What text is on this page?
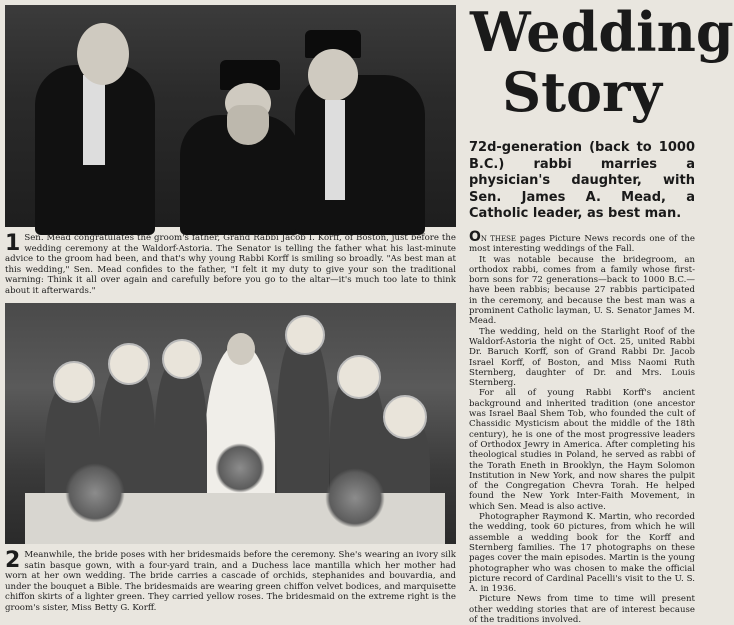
1 Sen. Mead congratulates the groom's father, Grand Rabbi Jacob I. Korff, of Boston, just before the wedding ceremony at the Waldorf-Astoria. The Senator is telling the father what his last-minute advice to the groom had been, and that's why young Rabbi Korff is smiling so broadly. "As best man at this wedding," Sen. Mead confides to the father, "I felt it my duty to give your son the traditional warning: Think it all over again and carefully before you go to the altar—it's much too late to think about it afterwards."
2 Meanwhile, the bride poses with her bridesmaids before the ceremony. She's wearing an ivory silk satin basque gown, with a four-yard train, and a Duchess lace mantilla which her mother had worn at her own wedding. The bride carries a cascade of orchids, stephanides and bouvardia, and under the bouquet a Bible. The bridesmaids are wearing green chiffon velvet bodices, and marquisette chiffon skirts of a lighter green. They carried yellow roses. The bridesmaid on the extreme right is the groom's sister, Miss Betty G. Korff.
Wedding
Story
72d-generation (back to 1000 B.C.) rabbi marries a physician's daughter, with Sen. James A. Mead, a Catholic leader, as best man.

ON THESE pages Picture News records one of the most interesting weddings of the Fall.

It was notable because the bridegroom, an orthodox rabbi, comes from a family whose first-born sons for 72 generations—back to 1000 B.C.—have been rabbis; because 27 rabbis participated in the ceremony, and because the best man was a prominent Catholic layman, U. S. Senator James M. Mead.

The wedding, held on the Starlight Roof of the Waldorf-Astoria the night of Oct. 25, united Rabbi Dr. Baruch Korff, son of Grand Rabbi Dr. Jacob Israel Korff, of Boston, and Miss Naomi Ruth Sternberg, daughter of Dr. and Mrs. Louis Sternberg.

For all of young Rabbi Korff's ancient background and inherited tradition (one ancestor was Israel Baal Shem Tob, who founded the cult of Chassidic Mysticism about the middle of the 18th century), he is one of the most progressive leaders of Orthodox Jewry in America. After completing his theological studies in Poland, he served as rabbi of the Torath Eneth in Brooklyn, the Haym Solomon Institution in New York, and now shares the pulpit of the Congregation Chevra Torah. He helped found the New York Inter-Faith Movement, in which Sen. Mead is also active.

Photographer Raymond K. Martin, who recorded the wedding, took 60 pictures, from which he will assemble a wedding book for the Korff and Sternberg families. The 17 photographs on these pages cover the main episodes. Martin is the young photographer who was chosen to make the official picture record of Cardinal Pacelli's visit to the U. S. A. in 1936.

Picture News from time to time will present other wedding stories that are of interest because of the traditions involved.
